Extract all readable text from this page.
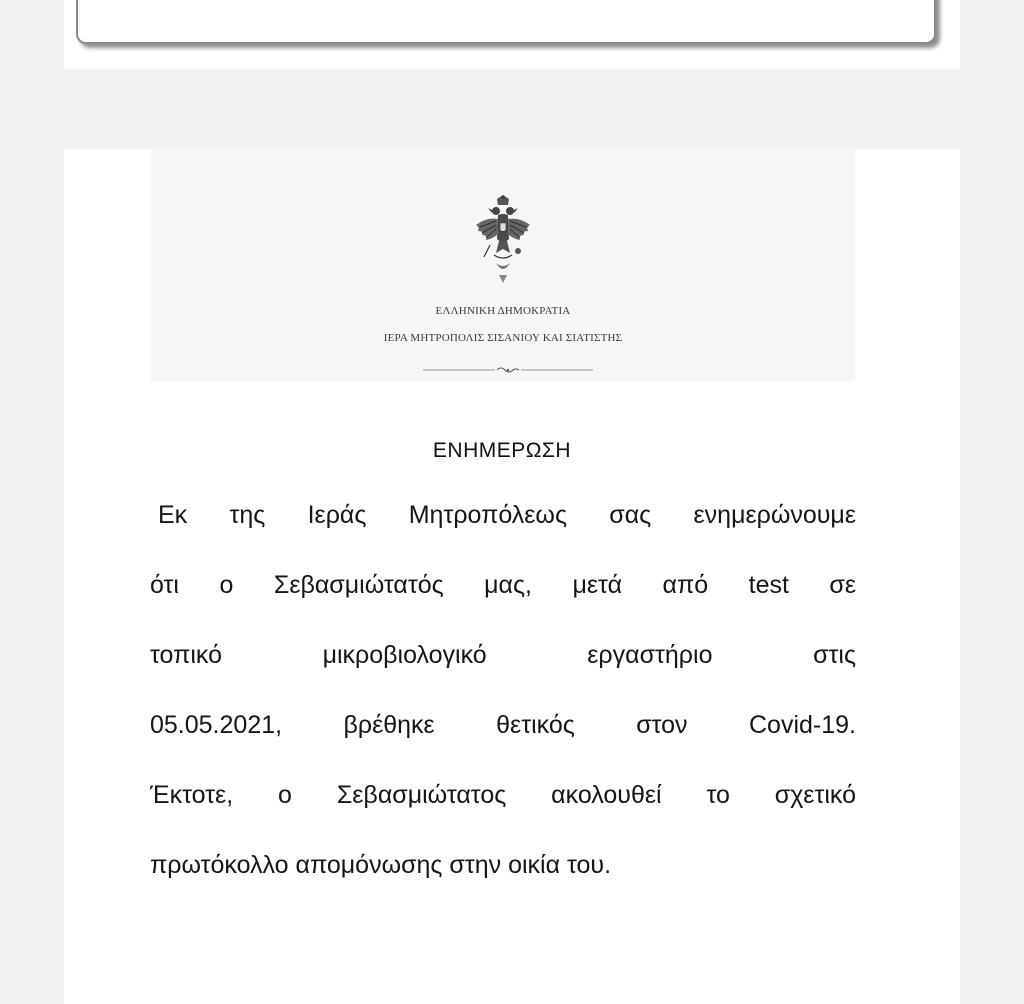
ΕΛΛΗΝΙΚΗ ΔΗΜΟΚΡΑΤΙΑ
ΙΕΡΑ ΜΗΤΡΟΠΟΛΙΣ ΣΙΣΑΝΙΟΥ ΚΑΙ ΣΙΑΤΙΣΤΗΣ
ΕΝΗΜΕΡΩΣΗ
Εκ της Ιεράς Μητροπόλεως σας ενημερώνουμε
ότι ο Σεβασμιώτατός μας, μετά από test σε
τοπικό μικροβιολογικό εργαστήριο στις
05.05.2021, βρέθηκε θετικός στον Covid-19.
Έκτοτε, ο Σεβασμιώτατος ακολουθεί το σχετικό
πρωτόκολλο απομόνωσης στην οικία του.
